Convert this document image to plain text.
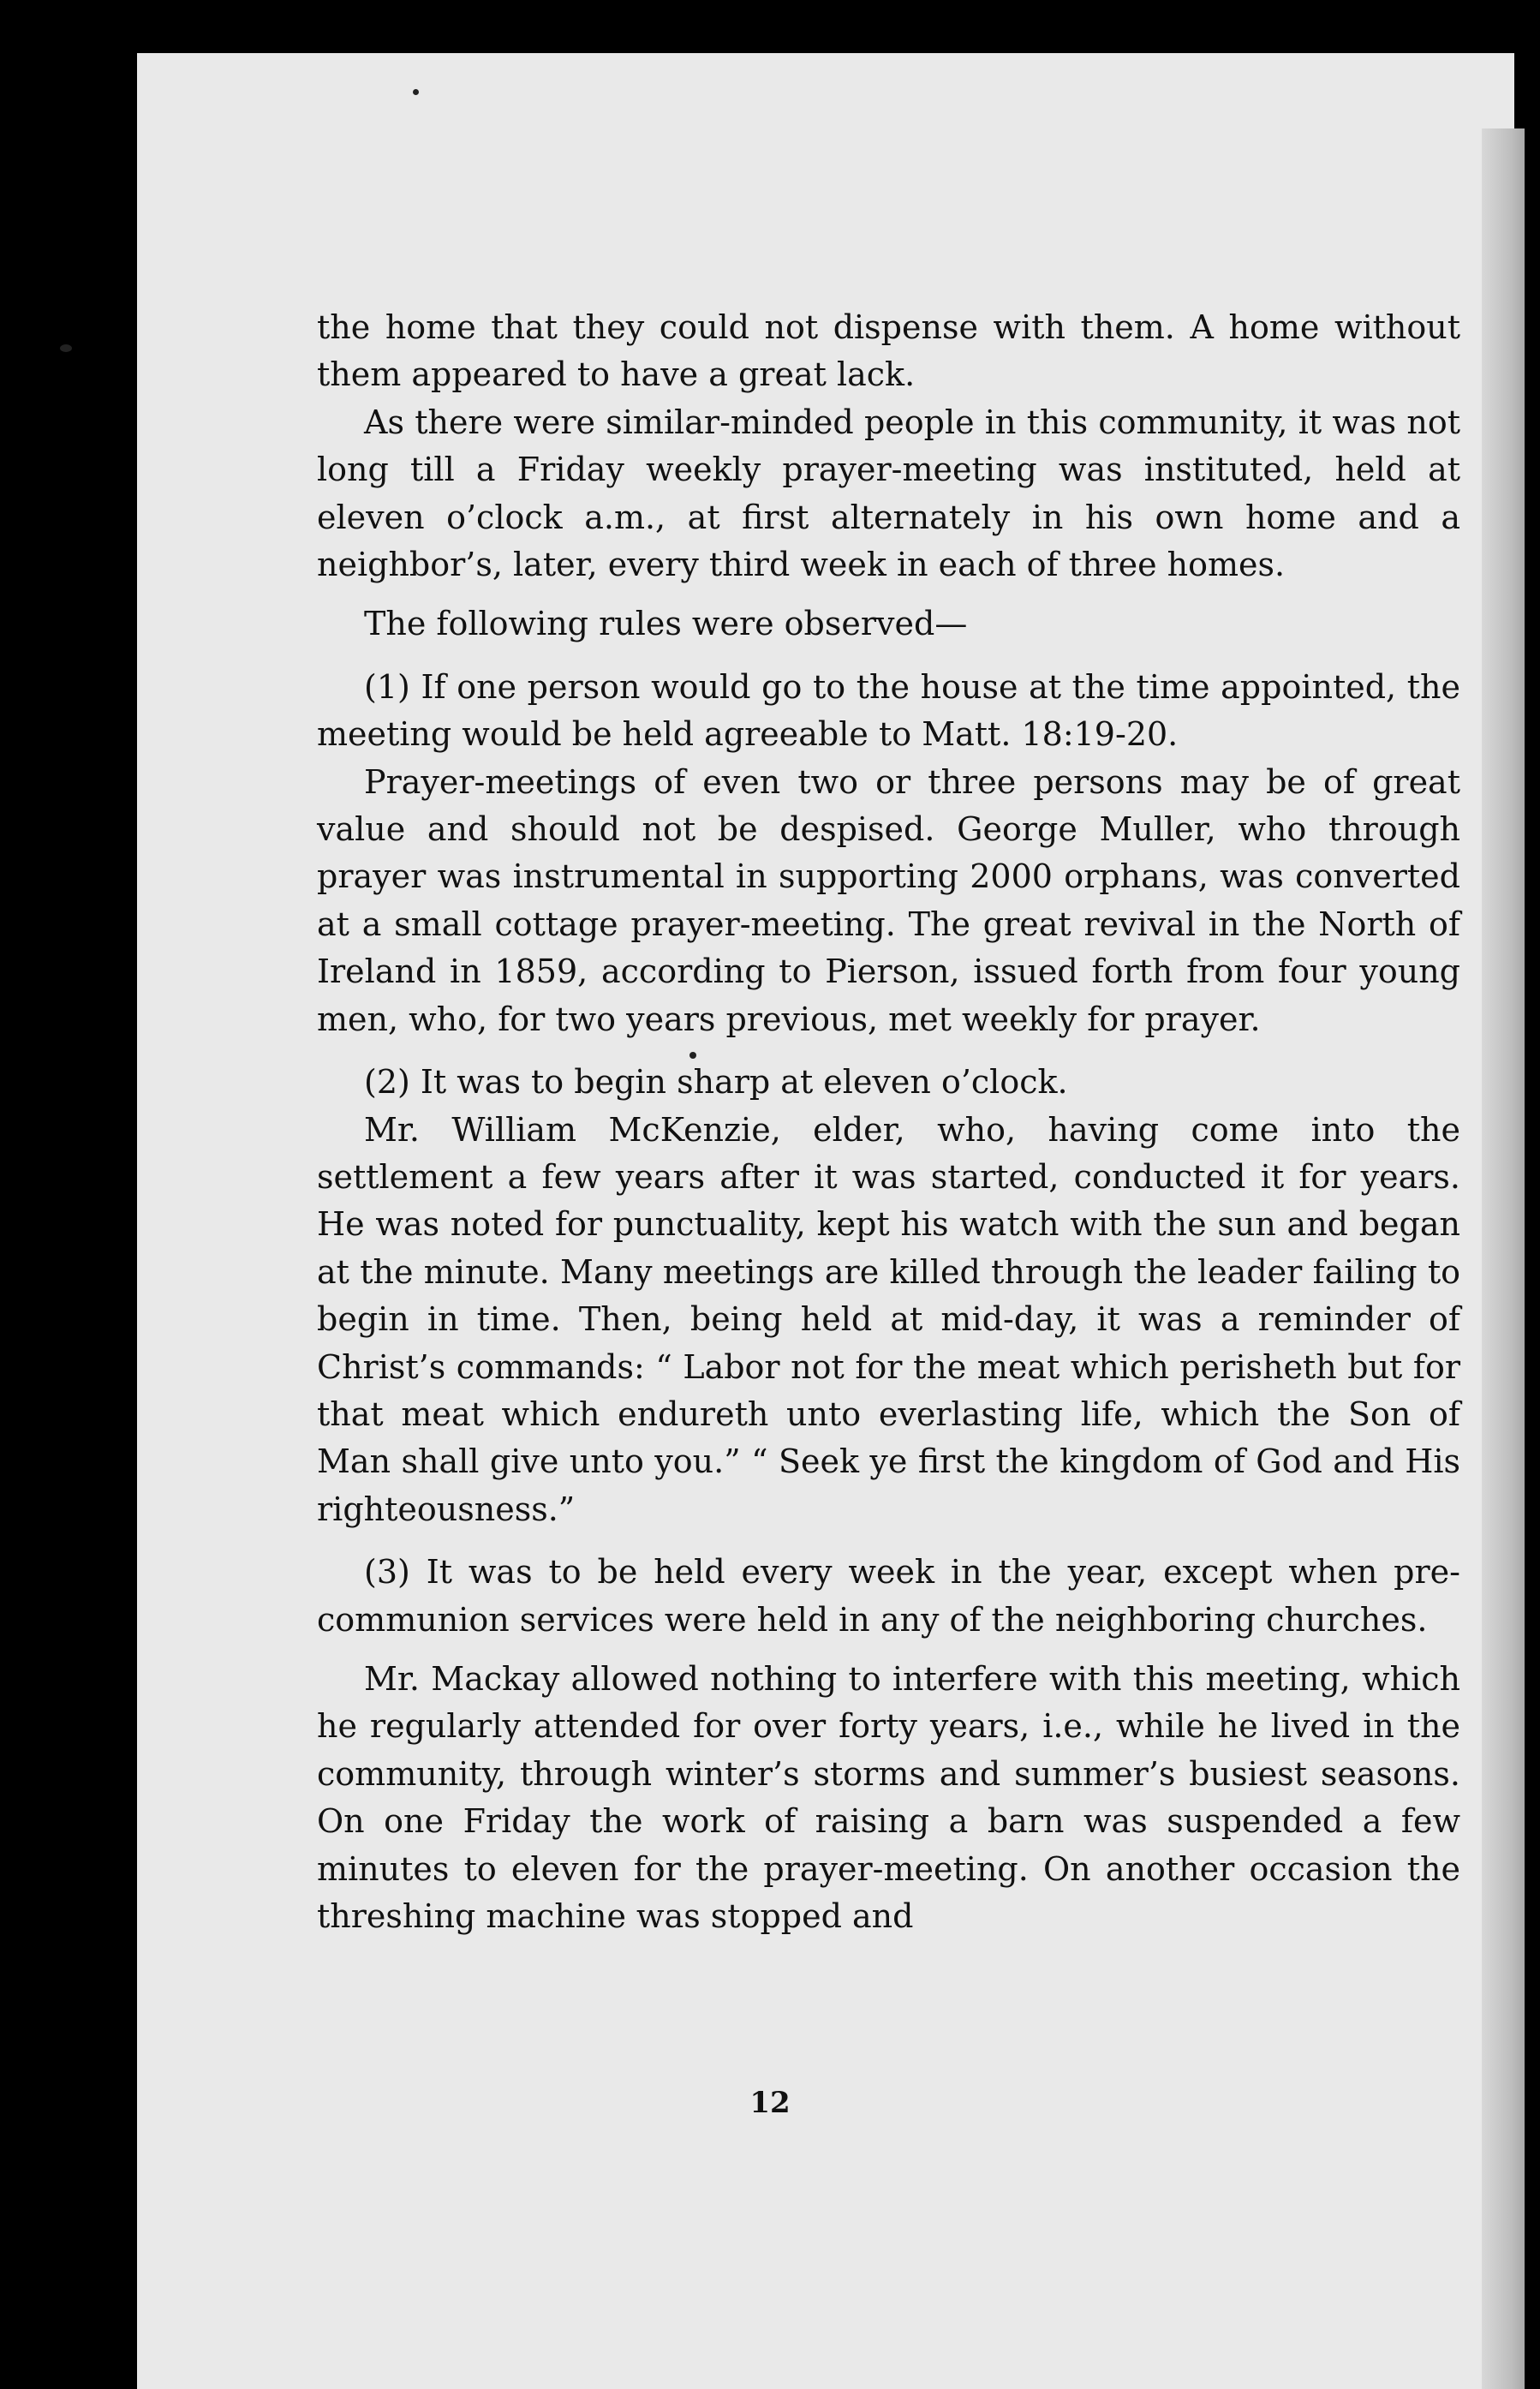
the home that they could not dispense with them. A home without them appeared to have a great lack.

As there were similar-minded people in this community, it was not long till a Friday weekly prayer-meeting was instituted, held at eleven o’clock a.m., at first alternately in his own home and a neighbor’s, later, every third week in each of three homes.

The following rules were observed—

(1) If one person would go to the house at the time appointed, the meeting would be held agreeable to Matt. 18:19-20.

Prayer-meetings of even two or three persons may be of great value and should not be despised. George Muller, who through prayer was instrumental in supporting 2000 orphans, was converted at a small cottage prayer-meeting. The great revival in the North of Ireland in 1859, according to Pierson, issued forth from four young men, who, for two years previous, met weekly for prayer.

(2) It was to begin sharp at eleven o’clock.

Mr. William McKenzie, elder, who, having come into the settlement a few years after it was started, conducted it for years. He was noted for punctuality, kept his watch with the sun and began at the minute. Many meetings are killed through the leader failing to begin in time. Then, being held at mid-day, it was a reminder of Christ’s commands: “ Labor not for the meat which perisheth but for that meat which endureth unto everlasting life, which the Son of Man shall give unto you.” “ Seek ye first the kingdom of God and His righteousness.”

(3) It was to be held every week in the year, except when pre-communion services were held in any of the neighboring churches.

Mr. Mackay allowed nothing to interfere with this meeting, which he regularly attended for over forty years, i.e., while he lived in the community, through winter’s storms and summer’s busiest seasons. On one Friday the work of raising a barn was suspended a few minutes to eleven for the prayer-meeting. On another occasion the threshing machine was stopped and

12
